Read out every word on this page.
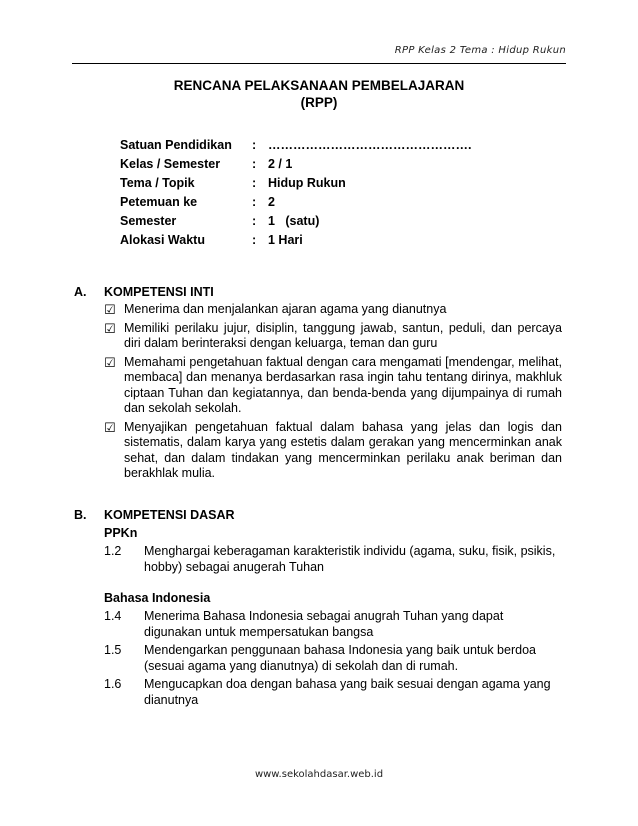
RPP Kelas 2 Tema : Hidup Rukun
RENCANA PELAKSANAAN PEMBELAJARAN
(RPP)
Satuan Pendidikan	: ………………………………………….
Kelas / Semester	: 2 / 1
Tema / Topik	: Hidup Rukun
Petemuan ke	: 2
Semester	: 1   (satu)
Alokasi Waktu	: 1 Hari
A. KOMPETENSI INTI
☑ Menerima dan menjalankan ajaran agama yang dianutnya
☑ Memiliki perilaku jujur, disiplin, tanggung jawab, santun, peduli, dan percaya diri dalam berinteraksi dengan keluarga, teman dan guru
☑ Memahami pengetahuan faktual dengan cara mengamati [mendengar, melihat, membaca] dan menanya berdasarkan rasa ingin tahu tentang dirinya, makhluk ciptaan Tuhan dan kegiatannya, dan benda-benda yang dijumpainya di rumah dan sekolah sekolah.
☑ Menyajikan pengetahuan faktual dalam bahasa yang jelas dan logis dan sistematis, dalam karya yang estetis dalam gerakan yang mencerminkan anak sehat, dan dalam tindakan yang mencerminkan perilaku anak beriman dan berakhlak mulia.
B. KOMPETENSI DASAR
PPKn
1.2	Menghargai keberagaman karakteristik individu (agama, suku, fisik, psikis, hobby) sebagai anugerah Tuhan
Bahasa Indonesia
1.4	Menerima Bahasa Indonesia sebagai anugrah Tuhan yang dapat digunakan untuk mempersatukan bangsa
1.5	Mendengarkan penggunaan bahasa Indonesia yang baik untuk berdoa (sesuai agama yang dianutnya) di sekolah dan di rumah.
1.6	Mengucapkan doa dengan bahasa yang baik sesuai dengan agama yang dianutnya
www.sekolahdasar.web.id
